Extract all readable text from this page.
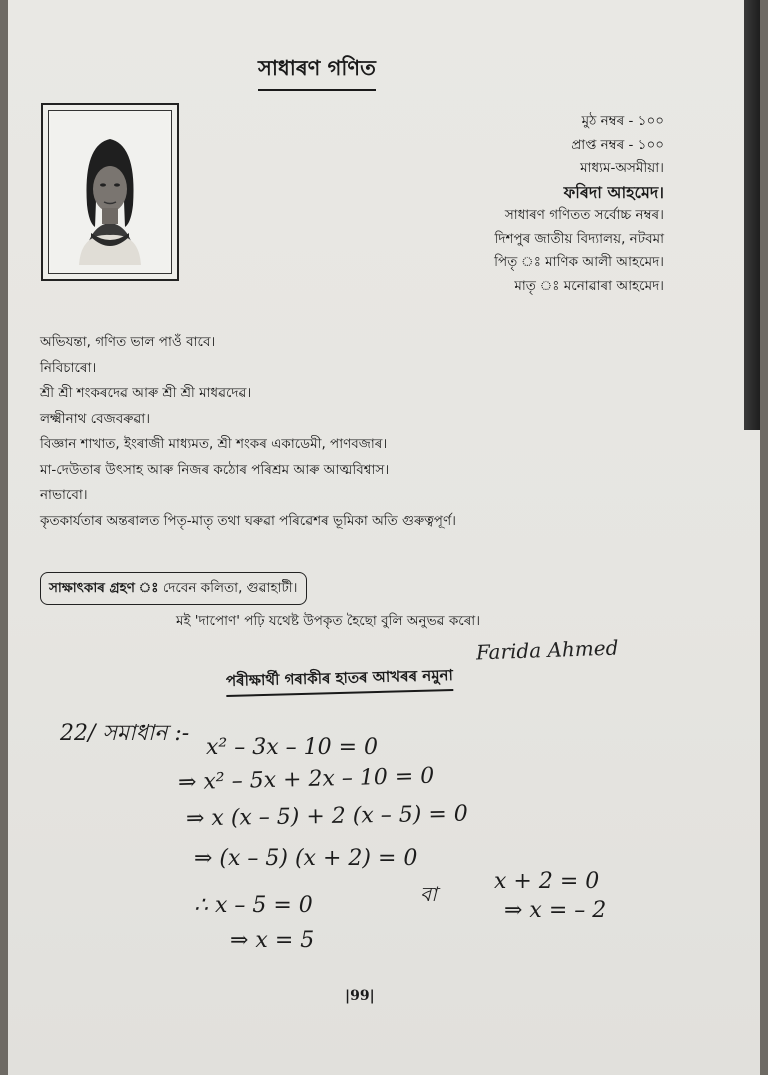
সাধাৰণ গণিত
মুঠ নম্বৰ - ১০০
প্ৰাপ্ত নম্বৰ - ১০০
মাধ্যম-অসমীয়া।
ফৰিদা আহমেদ।
সাধাৰণ গণিতত সৰ্বোচ্চ নম্বৰ।
দিশপুৰ জাতীয় বিদ্যালয়, নটবমা
পিতৃ ঃ মাণিক আলী আহমেদ।
মাতৃ ঃ মনোৱাৰা আহমেদ।
অভিযন্তা, গণিত ভাল পাওঁ বাবে।
নিবিচাৰো।
শ্ৰী শ্ৰী শংকৰদেৱ আৰু শ্ৰী শ্ৰী মাধৱদেৱ।
লক্ষ্মীনাথ বেজবৰুৱা।
বিজ্ঞান শাখাত, ইংৰাজী মাধ্যমত, শ্ৰী শংকৰ একাডেমী, পাণবজাৰ।
মা-দেউতাৰ উৎসাহ আৰু নিজৰ কঠোৰ পৰিশ্ৰম আৰু আত্মবিশ্বাস।
নাভাবো।
কৃতকাৰ্যতাৰ অন্তৰালত পিতৃ-মাতৃ তথা ঘৰুৱা পৰিৱেশৰ ভূমিকা অতি গুৰুত্বপূৰ্ণ।
সাক্ষাৎকাৰ গ্ৰহণ ঃ দেবেন কলিতা, গুৱাহাটী।
মই 'দাপোণ' পঢ়ি যথেষ্ট উপকৃত হৈছো বুলি অনুভৱ কৰো।
Farida Ahmed
পৰীক্ষাৰ্থী গৰাকীৰ হাতৰ আখৰৰ নমুনা
22/ সমাধান :-
x² – 3x – 10 = 0
⇒ x² – 5x + 2x – 10 = 0
⇒ x (x – 5) + 2 (x – 5) = 0
⇒ (x – 5) (x + 2) = 0
∴ x – 5 = 0	বা	x + 2 = 0
⇒ x = – 2
⇒ x = 5
|99|
